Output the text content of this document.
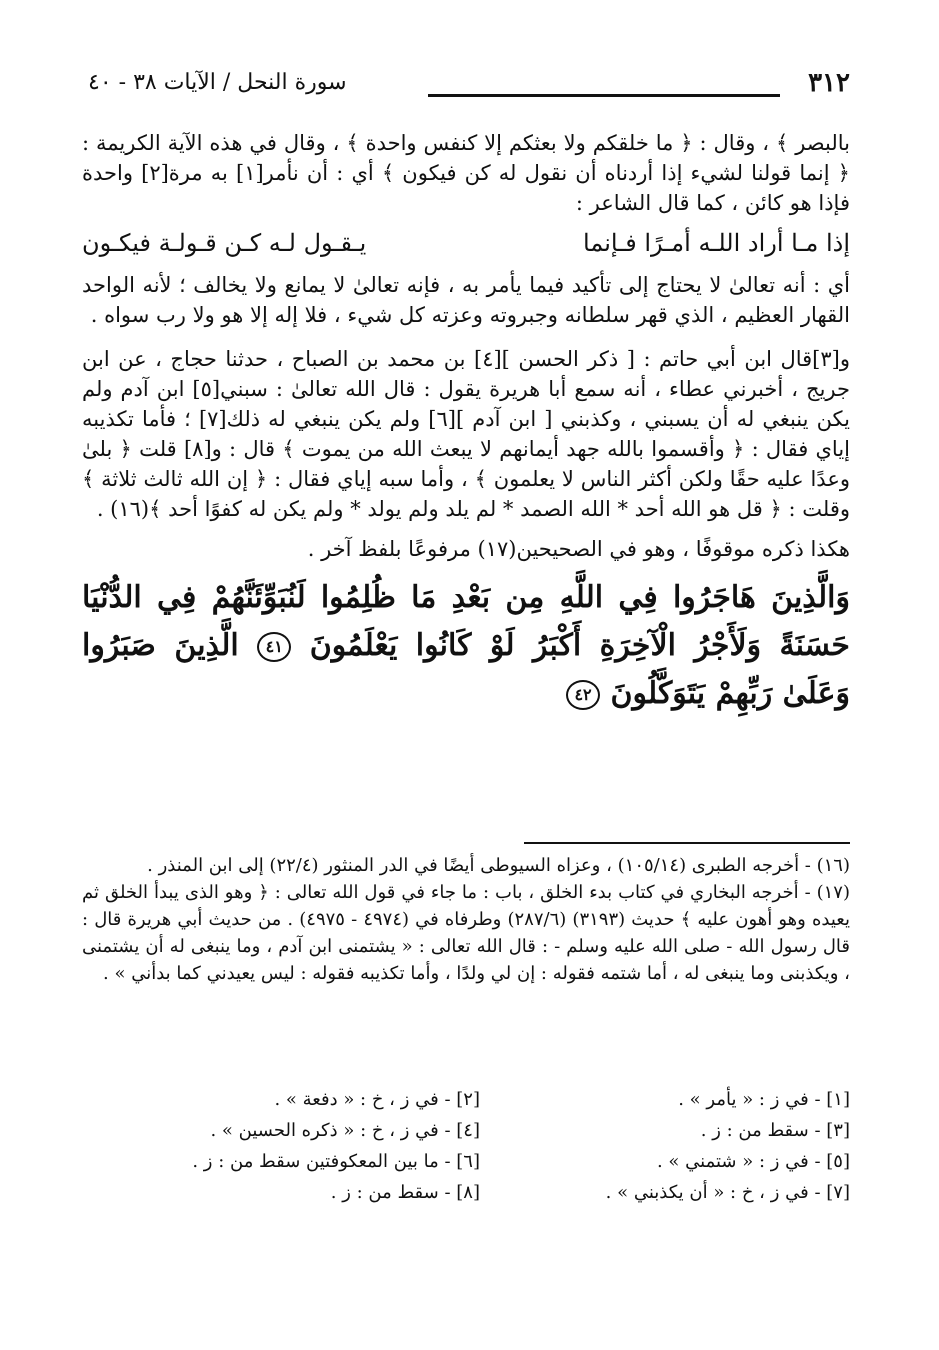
٣١٢
سورة النحل / الآيات ٣٨ - ٤٠

بالبصر ﴾ ، وقال : ﴿ ما خلقكم ولا بعثكم إلا كنفس واحدة ﴾ ، وقال في هذه الآية الكريمة : ﴿ إنما قولنا لشيء إذا أردناه أن نقول له كن فيكون ﴾ أي : أن نأمر[١] به مرة[٢] واحدة فإذا هو كائن ، كما قال الشاعر :

إذا مـا أراد اللـه أمـرًا فـإنما
يـقـول لـه كـن قـولـة فيكـون

أي : أنه تعالىٰ لا يحتاج إلى تأكيد فيما يأمر به ، فإنه تعالىٰ لا يمانع ولا يخالف ؛ لأنه الواحد القهار العظيم ، الذي قهر سلطانه وجبروته وعزته كل شيء ، فلا إله إلا هو ولا رب سواه .

و[٣]قال ابن أبي حاتم : [ ذكر الحسن ][٤] بن محمد بن الصباح ، حدثنا حجاج ، عن ابن جريج ، أخبرني عطاء ، أنه سمع أبا هريرة يقول : قال الله تعالىٰ : سبني[٥] ابن آدم ولم يكن ينبغي له أن يسبني ، وكذبني [ ابن آدم ][٦] ولم يكن ينبغي له ذلك[٧] ؛ فأما تكذيبه إياي فقال : ﴿ وأقسموا بالله جهد أيمانهم لا يبعث الله من يموت ﴾ قال : و[٨] قلت ﴿ بلىٰ وعدًا عليه حقًا ولكن أكثر الناس لا يعلمون ﴾ ، وأما سبه إياي فقال : ﴿ إن الله ثالث ثلاثة ﴾ وقلت : ﴿ قل هو الله أحد * الله الصمد * لم يلد ولم يولد * ولم يكن له كفوًا أحد ﴾(١٦) .

هكذا ذكره موقوفًا ، وهو في الصحيحين(١٧) مرفوعًا بلفظ آخر .

وَالَّذِينَ هَاجَرُوا فِي اللَّهِ مِن بَعْدِ مَا ظُلِمُوا لَنُبَوِّئَنَّهُمْ فِي الدُّنْيَا حَسَنَةً وَلَأَجْرُ الْآخِرَةِ أَكْبَرُ لَوْ كَانُوا يَعْلَمُونَ ٤١ الَّذِينَ صَبَرُوا وَعَلَىٰ رَبِّهِمْ يَتَوَكَّلُونَ ٤٢

(١٦) - أخرجه الطبرى (١٠٥/١٤) ، وعزاه السيوطى أيضًا في الدر المنثور (٢٢/٤) إلى ابن المنذر .

(١٧) - أخرجه البخاري في كتاب بدء الخلق ، باب : ما جاء في قول الله تعالى : ﴿ وهو الذى يبدأ الخلق ثم يعيده وهو أهون عليه ﴾ حديث (٣١٩٣) (٢٨٧/٦) وطرفاه في (٤٩٧٤ - ٤٩٧٥) . من حديث أبي هريرة قال : قال رسول الله - صلى الله عليه وسلم - : قال الله تعالى : « يشتمنى ابن آدم ، وما ينبغى له أن يشتمنى ، ويكذبنى وما ينبغى له ، أما شتمه فقوله : إن لي ولدًا ، وأما تكذيبه فقوله : ليس يعيدني كما بدأني » .

[١] - في ز : « يأمر » .
[٢] - في ز ، خ : « دفعة » .
[٣] - سقط من : ز .
[٤] - في ز ، خ : « ذكره الحسين » .
[٥] - في ز : « شتمني » .
[٦] - ما بين المعكوفتين سقط من : ز .
[٧] - في ز ، خ : « أن يكذبني » .
[٨] - سقط من : ز .
